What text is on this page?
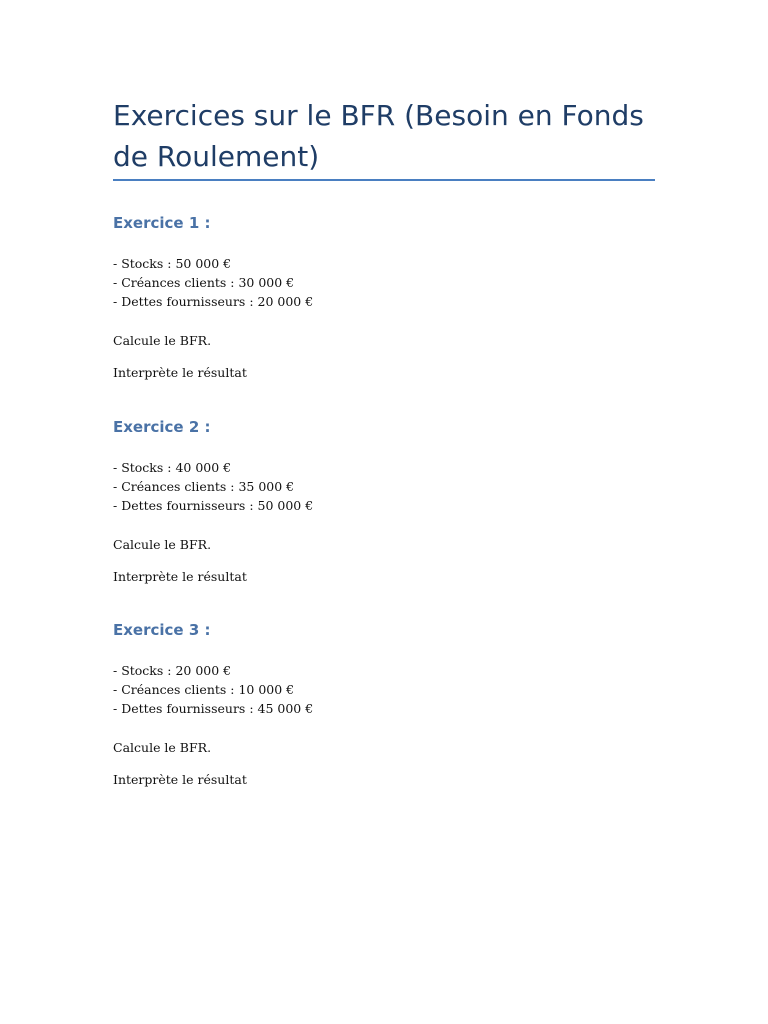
Exercices sur le BFR (Besoin en Fonds de Roulement)
Exercice 1 :
- Stocks : 50 000 €
- Créances clients : 30 000 €
- Dettes fournisseurs : 20 000 €

Calcule le BFR.

Interprète le résultat

Exercice 2 :
- Stocks : 40 000 €
- Créances clients : 35 000 €
- Dettes fournisseurs : 50 000 €

Calcule le BFR.

Interprète le résultat

Exercice 3 :
- Stocks : 20 000 €
- Créances clients : 10 000 €
- Dettes fournisseurs : 45 000 €

Calcule le BFR.

Interprète le résultat
